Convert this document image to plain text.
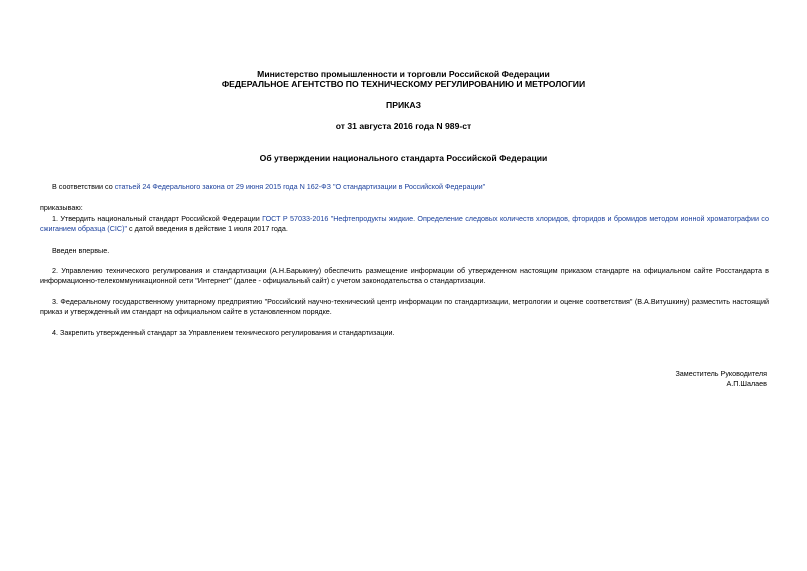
Министерство промышленности и торговли Российской Федерации
ФЕДЕРАЛЬНОЕ АГЕНТСТВО ПО ТЕХНИЧЕСКОМУ РЕГУЛИРОВАНИЮ И МЕТРОЛОГИИ
ПРИКАЗ
от 31 августа 2016 года N 989-ст
Об утверждении национального стандарта Российской Федерации
В соответствии со статьей 24 Федерального закона от 29 июня 2015 года N 162-ФЗ "О стандартизации в Российской Федерации"
приказываю:
1. Утвердить национальный стандарт Российской Федерации ГОСТ Р 57033-2016 "Нефтепродукты жидкие. Определение следовых количеств хлоридов, фторидов и бромидов методом ионной хроматографии со сжиганием образца (CIC)" с датой введения в действие 1 июля 2017 года.
Введен впервые.
2. Управлению технического регулирования и стандартизации (А.Н.Барыкину) обеспечить размещение информации об утвержденном настоящим приказом стандарте на официальном сайте Росстандарта в информационно-телекоммуникационной сети "Интернет" (далее - официальный сайт) с учетом законодательства о стандартизации.
3. Федеральному государственному унитарному предприятию "Российский научно-технический центр информации по стандартизации, метрологии и оценке соответствия" (В.А.Витушкину) разместить настоящий приказ и утвержденный им стандарт на официальном сайте в установленном порядке.
4. Закрепить утвержденный стандарт за Управлением технического регулирования и стандартизации.
Заместитель Руководителя
А.П.Шалаев
